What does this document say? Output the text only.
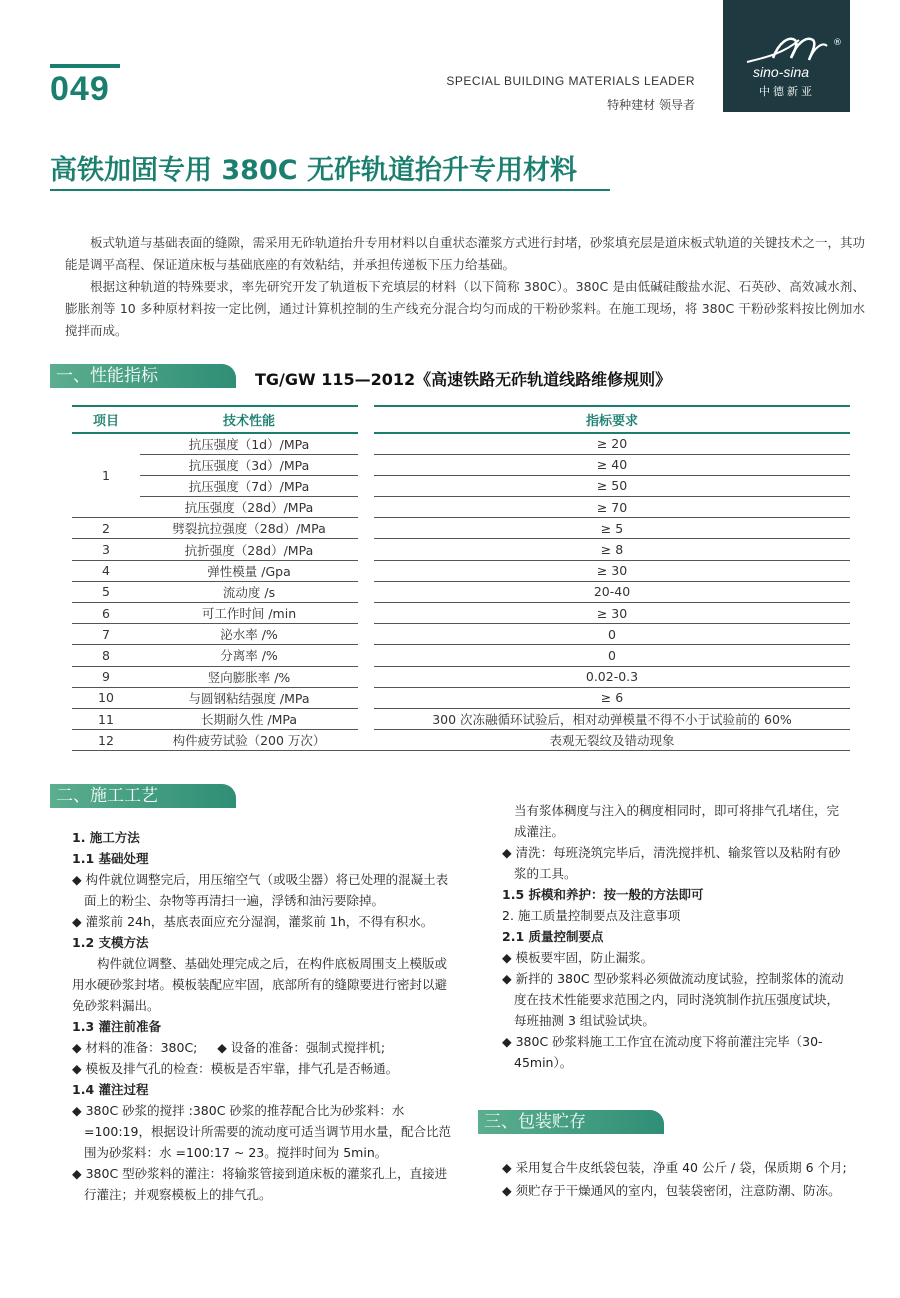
049	SPECIAL BUILDING MATERIALS LEADER
特种建材 领导者
®
sino-sina
中德新亚
高铁加固专用 380C 无砟轨道抬升专用材料

板式轨道与基础表面的缝隙，需采用无砟轨道抬升专用材料以自重状态灌浆方式进行封堵，砂浆填充层是道床板式轨道的关键技术之一，其功能是调平高程、保证道床板与基础底座的有效粘结，并承担传递板下压力给基础。

根据这种轨道的特殊要求，率先研究开发了轨道板下充填层的材料（以下简称 380C）。380C 是由低碱硅酸盐水泥、石英砂、高效减水剂、膨胀剂等 10 多种原材料按一定比例，通过计算机控制的生产线充分混合均匀而成的干粉砂浆料。在施工现场，将 380C 干粉砂浆料按比例加水搅拌而成。

一、性能指标	TG/GW 115—2012《高速铁路无砟轨道线路维修规则》
项目	技术性能		指标要求
1	抗压强度（1d）/MPa		≥ 20
	抗压强度（3d）/MPa		≥ 40
	抗压强度（7d）/MPa		≥ 50
	抗压强度（28d）/MPa		≥ 70
2	劈裂抗拉强度（28d）/MPa		≥ 5
3	抗折强度（28d）/MPa		≥ 8
4	弹性模量 /Gpa		≥ 30
5	流动度 /s		20-40
6	可工作时间 /min		≥ 30
7	泌水率 /%		0
8	分离率 /%		0
9	竖向膨胀率 /%		0.02-0.3
10	与圆钢粘结强度 /MPa		≥ 6
11	长期耐久性 /MPa		300 次冻融循环试验后，相对动弹模量不得不小于试验前的 60%
12	构件疲劳试验（200 万次）		表观无裂纹及错动现象
二、施工工艺
1. 施工方法
1.1 基础处理
◆ 构件就位调整完后，用压缩空气（或吸尘器）将已处理的混凝土表面上的粉尘、杂物等再清扫一遍，浮锈和油污要除掉。
◆ 灌浆前 24h，基底表面应充分湿润，灌浆前 1h，不得有积水。
1.2 支模方法
构件就位调整、基础处理完成之后，在构件底板周围支上模版或用水硬砂浆封堵。模板装配应牢固，底部所有的缝隙要进行密封以避免砂浆料漏出。
1.3 灌注前准备
◆ 材料的准备：380C;     ◆ 设备的准备：强制式搅拌机;
◆ 模板及排气孔的检查：模板是否牢靠，排气孔是否畅通。
1.4 灌注过程
◆ 380C 砂浆的搅拌 :380C 砂浆的推荐配合比为砂浆料：水 =100:19，根据设计所需要的流动度可适当调节用水量，配合比范围为砂浆料：水 =100:17 ~ 23。搅拌时间为 5min。
◆ 380C 型砂浆料的灌注：将输浆管接到道床板的灌浆孔上，直接进行灌注；并观察模板上的排气孔。
当有浆体稠度与注入的稠度相同时，即可将排气孔堵住，完成灌注。
◆ 清洗：每班浇筑完毕后，清洗搅拌机、输浆管以及粘附有砂浆的工具。
1.5 拆模和养护：按一般的方法即可
2. 施工质量控制要点及注意事项
2.1 质量控制要点
◆ 模板要牢固，防止漏浆。
◆ 新拌的 380C 型砂浆料必须做流动度试验，控制浆体的流动度在技术性能要求范围之内，同时浇筑制作抗压强度试块，每班抽测 3 组试验试块。
◆ 380C 砂浆料施工工作宜在流动度下将前灌注完毕（30- 45min）。
三、包装贮存
◆ 采用复合牛皮纸袋包装，净重 40 公斤 / 袋，保质期 6 个月;
◆ 须贮存于干燥通风的室内，包装袋密闭，注意防潮、防冻。
